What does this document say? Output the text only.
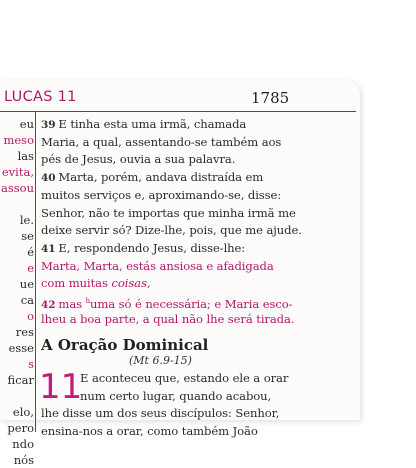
LUCAS 11	1785
eu
meso
las
evita,
assou
le.
se
é
e
ue
ca
o
res
esse
s
ficar
elo,
pero
ndo
nós
39 E tinha esta uma irmã, chamada
Maria, a qual, assentando-se também aos
pés de Jesus, ouvia a sua palavra.
40 Marta, porém, andava distraída em
muitos serviços e, aproximando-se, disse:
Senhor, não te importas que minha irmã me
deixe servir só? Dize-lhe, pois, que me ajude.
41 E, respondendo Jesus, disse-lhe:
Marta, Marta, estás ansiosa e afadigada
com muitas coisas,
42 mas $^h$uma só é necessária; e Maria esco-
lheu a boa parte, a qual não lhe será tirada.
A Oração Dominical
(Mt 6.9-15)
11
E aconteceu que, estando ele a orar
num certo lugar, quando acabou,
lhe disse um dos seus discípulos: Senhor,
ensina-nos a orar, como também João
